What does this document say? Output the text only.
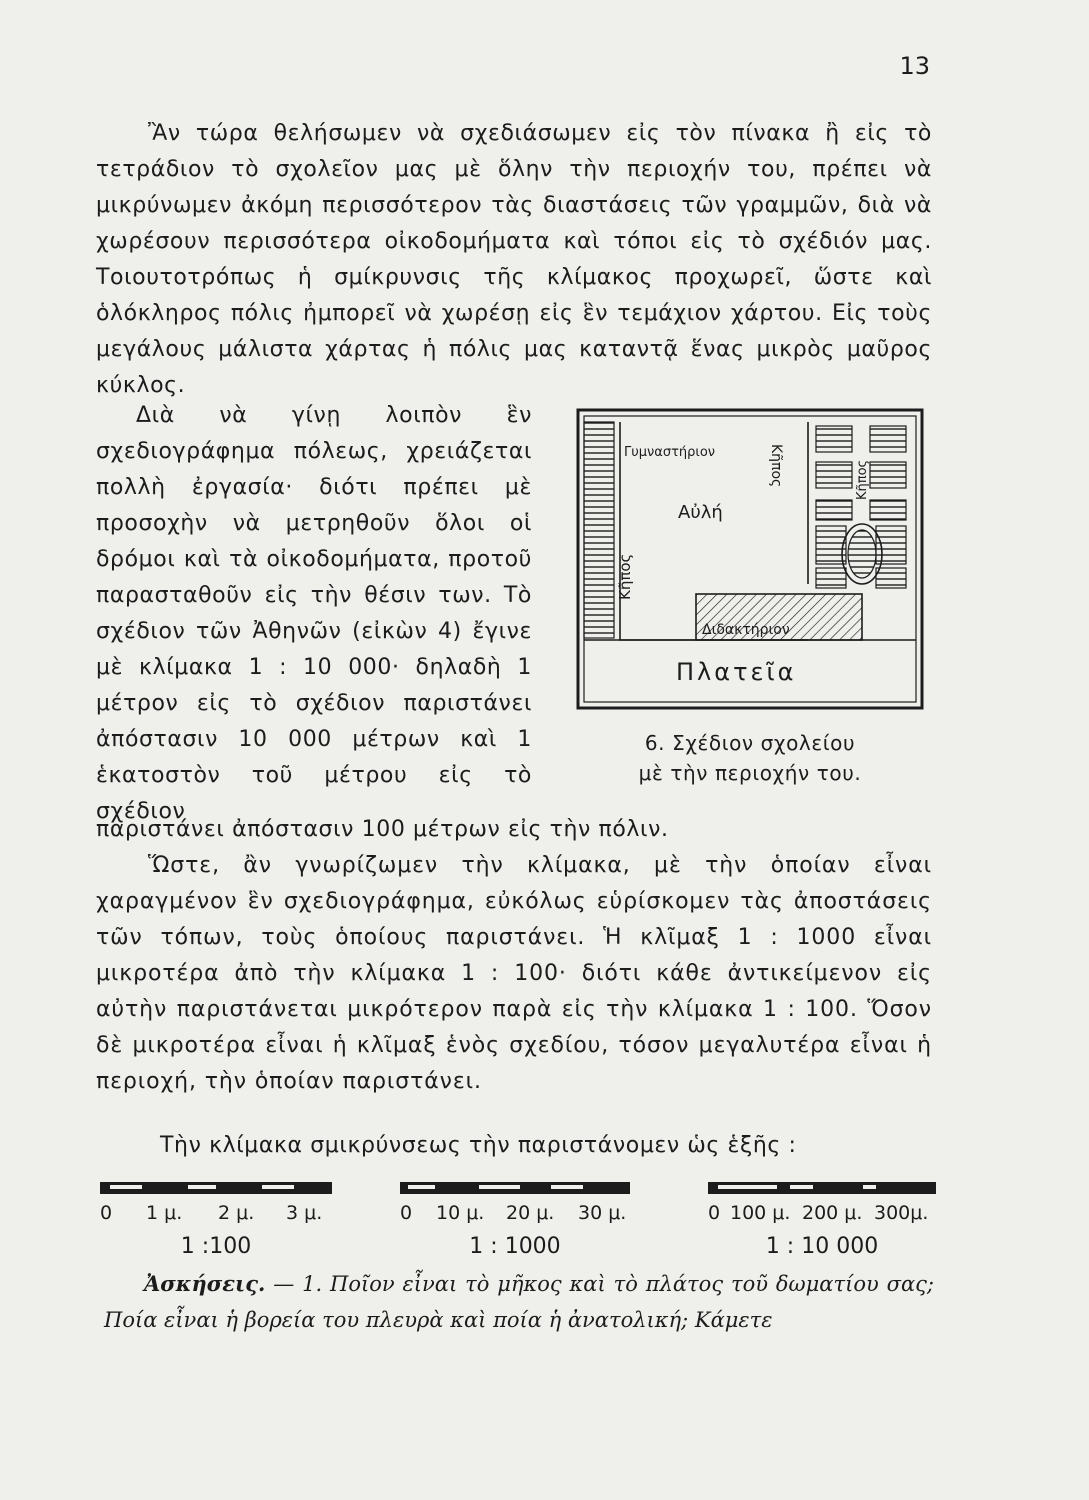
13

Ἂν τώρα θελήσωμεν νὰ σχεδιάσωμεν εἰς τὸν πίνακα ἢ εἰς τὸ τετράδιον τὸ σχολεῖον μας μὲ ὅλην τὴν περιοχήν του, πρέπει νὰ μικρύνωμεν ἀκόμη περισσότερον τὰς διαστάσεις τῶν γραμμῶν, διὰ νὰ χωρέσουν περισσότερα οἰκοδομήματα καὶ τόποι εἰς τὸ σχέδιόν μας. Τοιουτοτρόπως ἡ σμίκρυνσις τῆς κλίμακος προχωρεῖ, ὥστε καὶ ὁλόκληρος πόλις ἠμπορεῖ νὰ χωρέσῃ εἰς ἓν τεμάχιον χάρτου. Εἰς τοὺς μεγάλους μάλιστα χάρτας ἡ πόλις μας καταντᾷ ἕνας μικρὸς μαῦρος κύκλος.

Διὰ νὰ γίνῃ λοιπὸν ἓν σχεδιογράφημα πόλεως, χρειάζεται πολλὴ ἐργασία· διότι πρέπει μὲ προσοχὴν νὰ μετρηθοῦν ὅλοι οἱ δρόμοι καὶ τὰ οἰκοδομήματα, προτοῦ παρασταθοῦν εἰς τὴν θέσιν των. Τὸ σχέδιον τῶν Ἀθηνῶν (εἰκὼν 4) ἔγινε μὲ κλίμακα 1 : 10 000· δηλαδὴ 1 μέτρον εἰς τὸ σχέδιον παριστάνει ἀπόστασιν 10 000 μέτρων καὶ 1 ἑκατοστὸν τοῦ μέτρου εἰς τὸ σχέδιον

παριστάνει ἀπόστασιν 100 μέτρων εἰς τὴν πόλιν.

Γυμναστήριον
Αὐλή
Κῆπος
Κῆπος	Κῆπος
Διδακτήριον
Πλατεῖα
6. Σχέδιον σχολείου
μὲ τὴν περιοχήν του.

Ὥστε, ἂν γνωρίζωμεν τὴν κλίμακα, μὲ τὴν ὁποίαν εἶναι χαραγμένον ἓν σχεδιογράφημα, εὐκόλως εὑρίσκομεν τὰς ἀποστάσεις τῶν τόπων, τοὺς ὁποίους παριστάνει. Ἡ κλῖμαξ 1 : 1000 εἶναι μικροτέρα ἀπὸ τὴν κλίμακα 1 : 100· διότι κάθε ἀντικείμενον εἰς αὐτὴν παριστάνεται μικρότερον παρὰ εἰς τὴν κλίμακα 1 : 100. Ὅσον δὲ μικροτέρα εἶναι ἡ κλῖμαξ ἑνὸς σχεδίου, τόσον μεγαλυτέρα εἶναι ἡ περιοχή, τὴν ὁποίαν παριστάνει.

Τὴν κλίμακα σμικρύνσεως τὴν παριστάνομεν ὡς ἑξῆς :

0 1 μ. 2 μ. 3 μ.
1 :100
0 10 μ. 20 μ. 30 μ.
1 : 1000
0 100 μ. 200 μ. 300μ.
1 : 10 000

Ἀσκήσεις. — 1. Ποῖον εἶναι τὸ μῆκος καὶ τὸ πλάτος τοῦ δωματίου σας; Ποία εἶναι ἡ βορεία του πλευρὰ καὶ ποία ἡ ἀνατολική; Κάμετε
